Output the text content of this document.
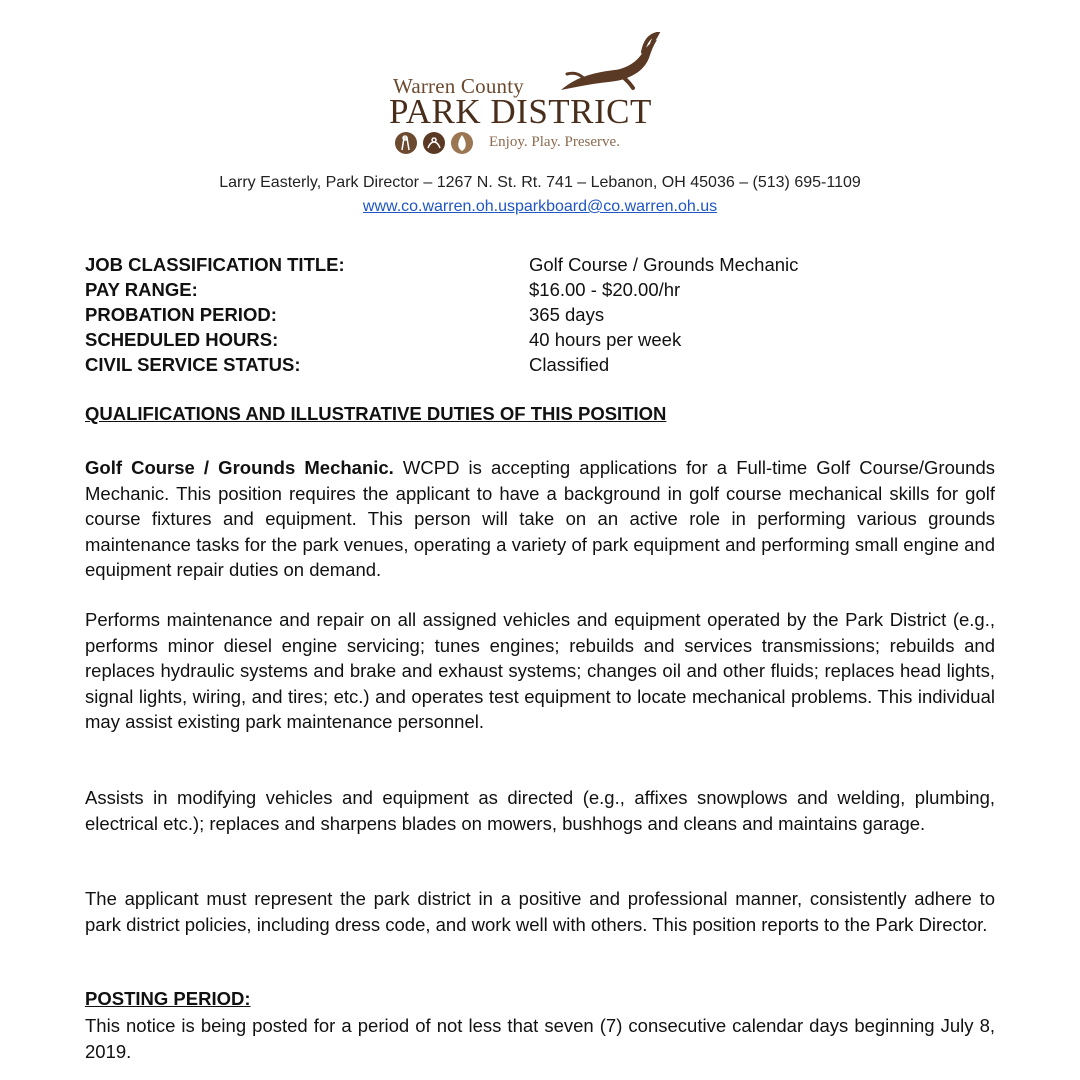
Warren County
PARK DISTRICT
Enjoy. Play. Preserve.
Larry Easterly, Park Director – 1267 N. St. Rt. 741 – Lebanon, OH 45036 – (513) 695-1109
www.co.warren.oh.usparkboard@co.warren.oh.us
JOB CLASSIFICATION TITLE:	Golf Course / Grounds Mechanic
PAY RANGE:	$16.00 - $20.00/hr
PROBATION PERIOD:	365 days
SCHEDULED HOURS:	40 hours per week
CIVIL SERVICE STATUS:	Classified
QUALIFICATIONS AND ILLUSTRATIVE DUTIES OF THIS POSITION
Golf Course / Grounds Mechanic. WCPD is accepting applications for a Full-time Golf Course/Grounds Mechanic. This position requires the applicant to have a background in golf course mechanical skills for golf course fixtures and equipment. This person will take on an active role in performing various grounds maintenance tasks for the park venues, operating a variety of park equipment and performing small engine and equipment repair duties on demand.
Performs maintenance and repair on all assigned vehicles and equipment operated by the Park District (e.g., performs minor diesel engine servicing; tunes engines; rebuilds and services transmissions; rebuilds and replaces hydraulic systems and brake and exhaust systems; changes oil and other fluids; replaces head lights, signal lights, wiring, and tires; etc.) and operates test equipment to locate mechanical problems. This individual may assist existing park maintenance personnel.
Assists in modifying vehicles and equipment as directed (e.g., affixes snowplows and welding, plumbing, electrical etc.); replaces and sharpens blades on mowers, bushhogs and cleans and maintains garage.
The applicant must represent the park district in a positive and professional manner, consistently adhere to park district policies, including dress code, and work well with others. This position reports to the Park Director.
POSTING PERIOD:
This notice is being posted for a period of not less that seven (7) consecutive calendar days beginning July 8, 2019.
